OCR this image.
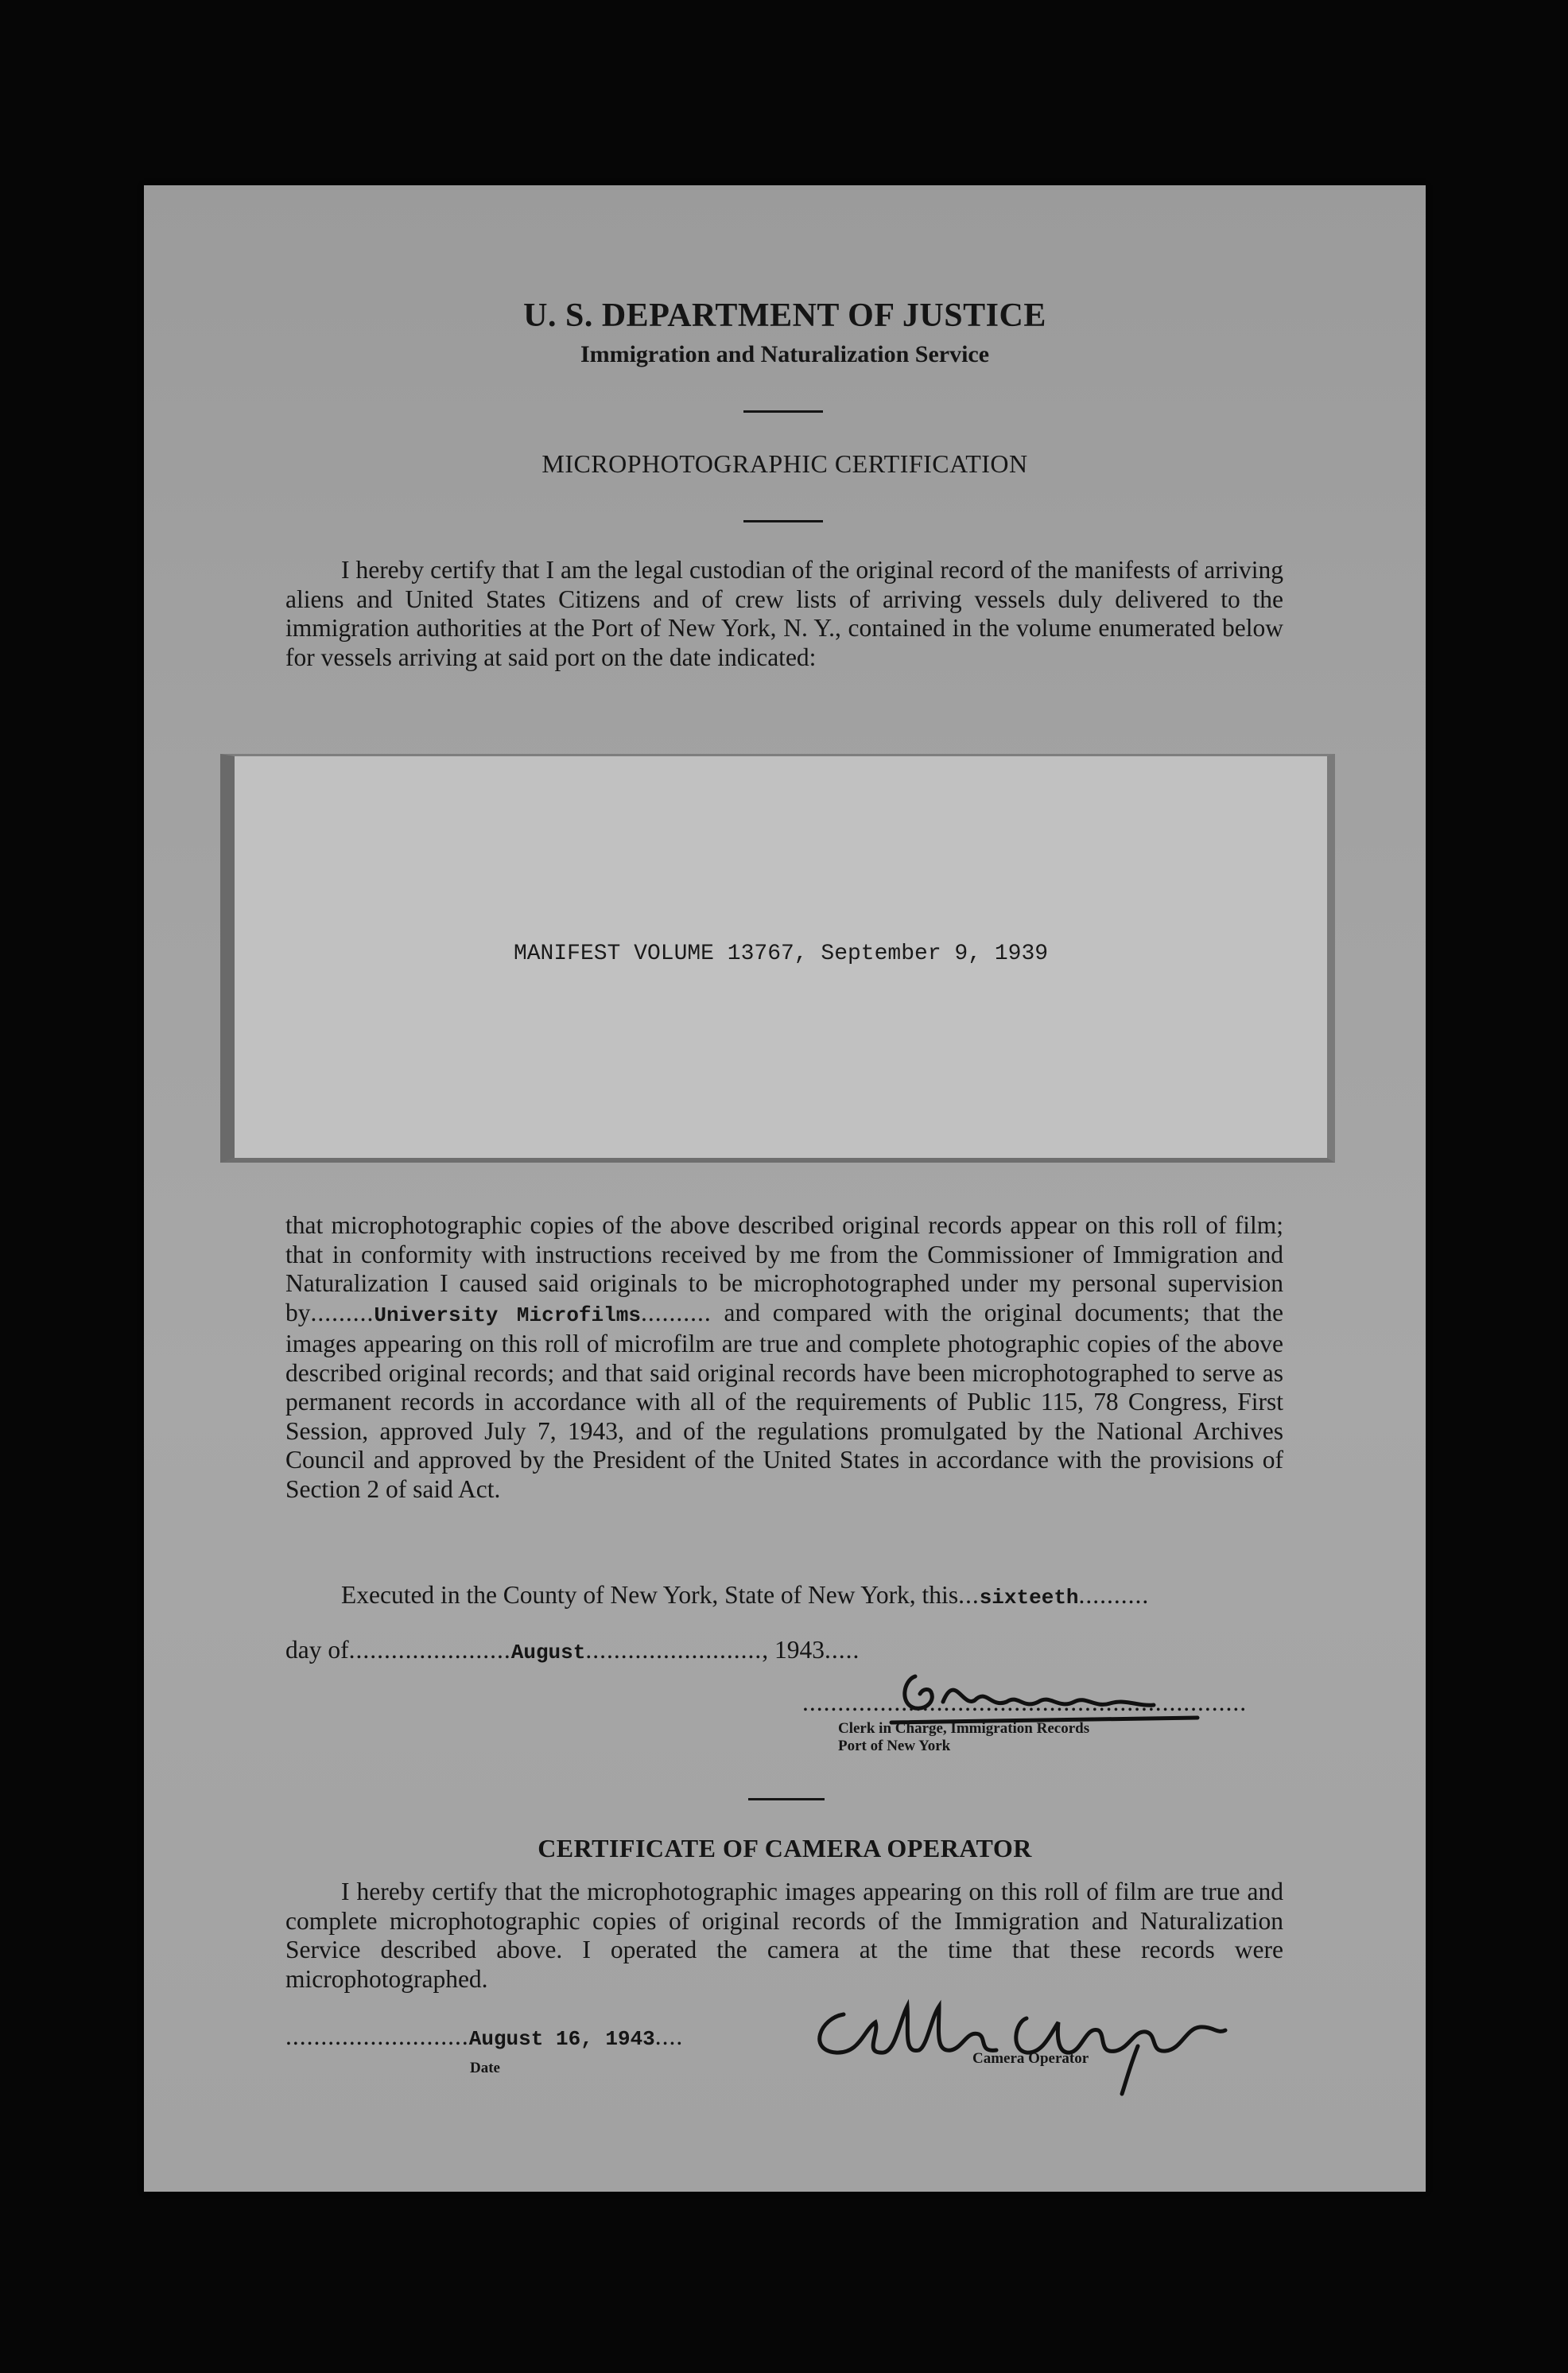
U. S. DEPARTMENT OF JUSTICE
Immigration and Naturalization Service
MICROPHOTOGRAPHIC CERTIFICATION

I hereby certify that I am the legal custodian of the original record of the manifests of arriving aliens and United States Citizens and of crew lists of arriving vessels duly delivered to the immigration authorities at the Port of New York, N. Y., contained in the volume enumerated below for vessels arriving at said port on the date indicated:

MANIFEST VOLUME 13767, September 9, 1939

that microphotographic copies of the above described original records appear on this roll of film; that in conformity with instructions received by me from the Commissioner of Immigration and Naturalization I caused said originals to be microphotographed under my personal supervision by.........University Microfilms.......... and compared with the original documents; that the images appearing on this roll of microfilm are true and complete photographic copies of the above described original records; and that said original records have been microphotographed to serve as permanent records in accordance with all of the requirements of Public 115, 78 Congress, First Session, approved July 7, 1943, and of the regulations promulgated by the National Archives Council and approved by the President of the United States in accordance with the provisions of Section 2 of said Act.

Executed in the County of New York, State of New York, this...sixteeth..........
day of.......................August........................., 1943.....
...............................................................
Clerk in Charge, Immigration Records
Port of New York
CERTIFICATE OF CAMERA OPERATOR

I hereby certify that the microphotographic images appearing on this roll of film are true and complete microphotographic copies of original records of the Immigration and Naturalization Service described above. I operated the camera at the time that these records were microphotographed.

..........................August 16, 1943....
Date
Camera Operator
